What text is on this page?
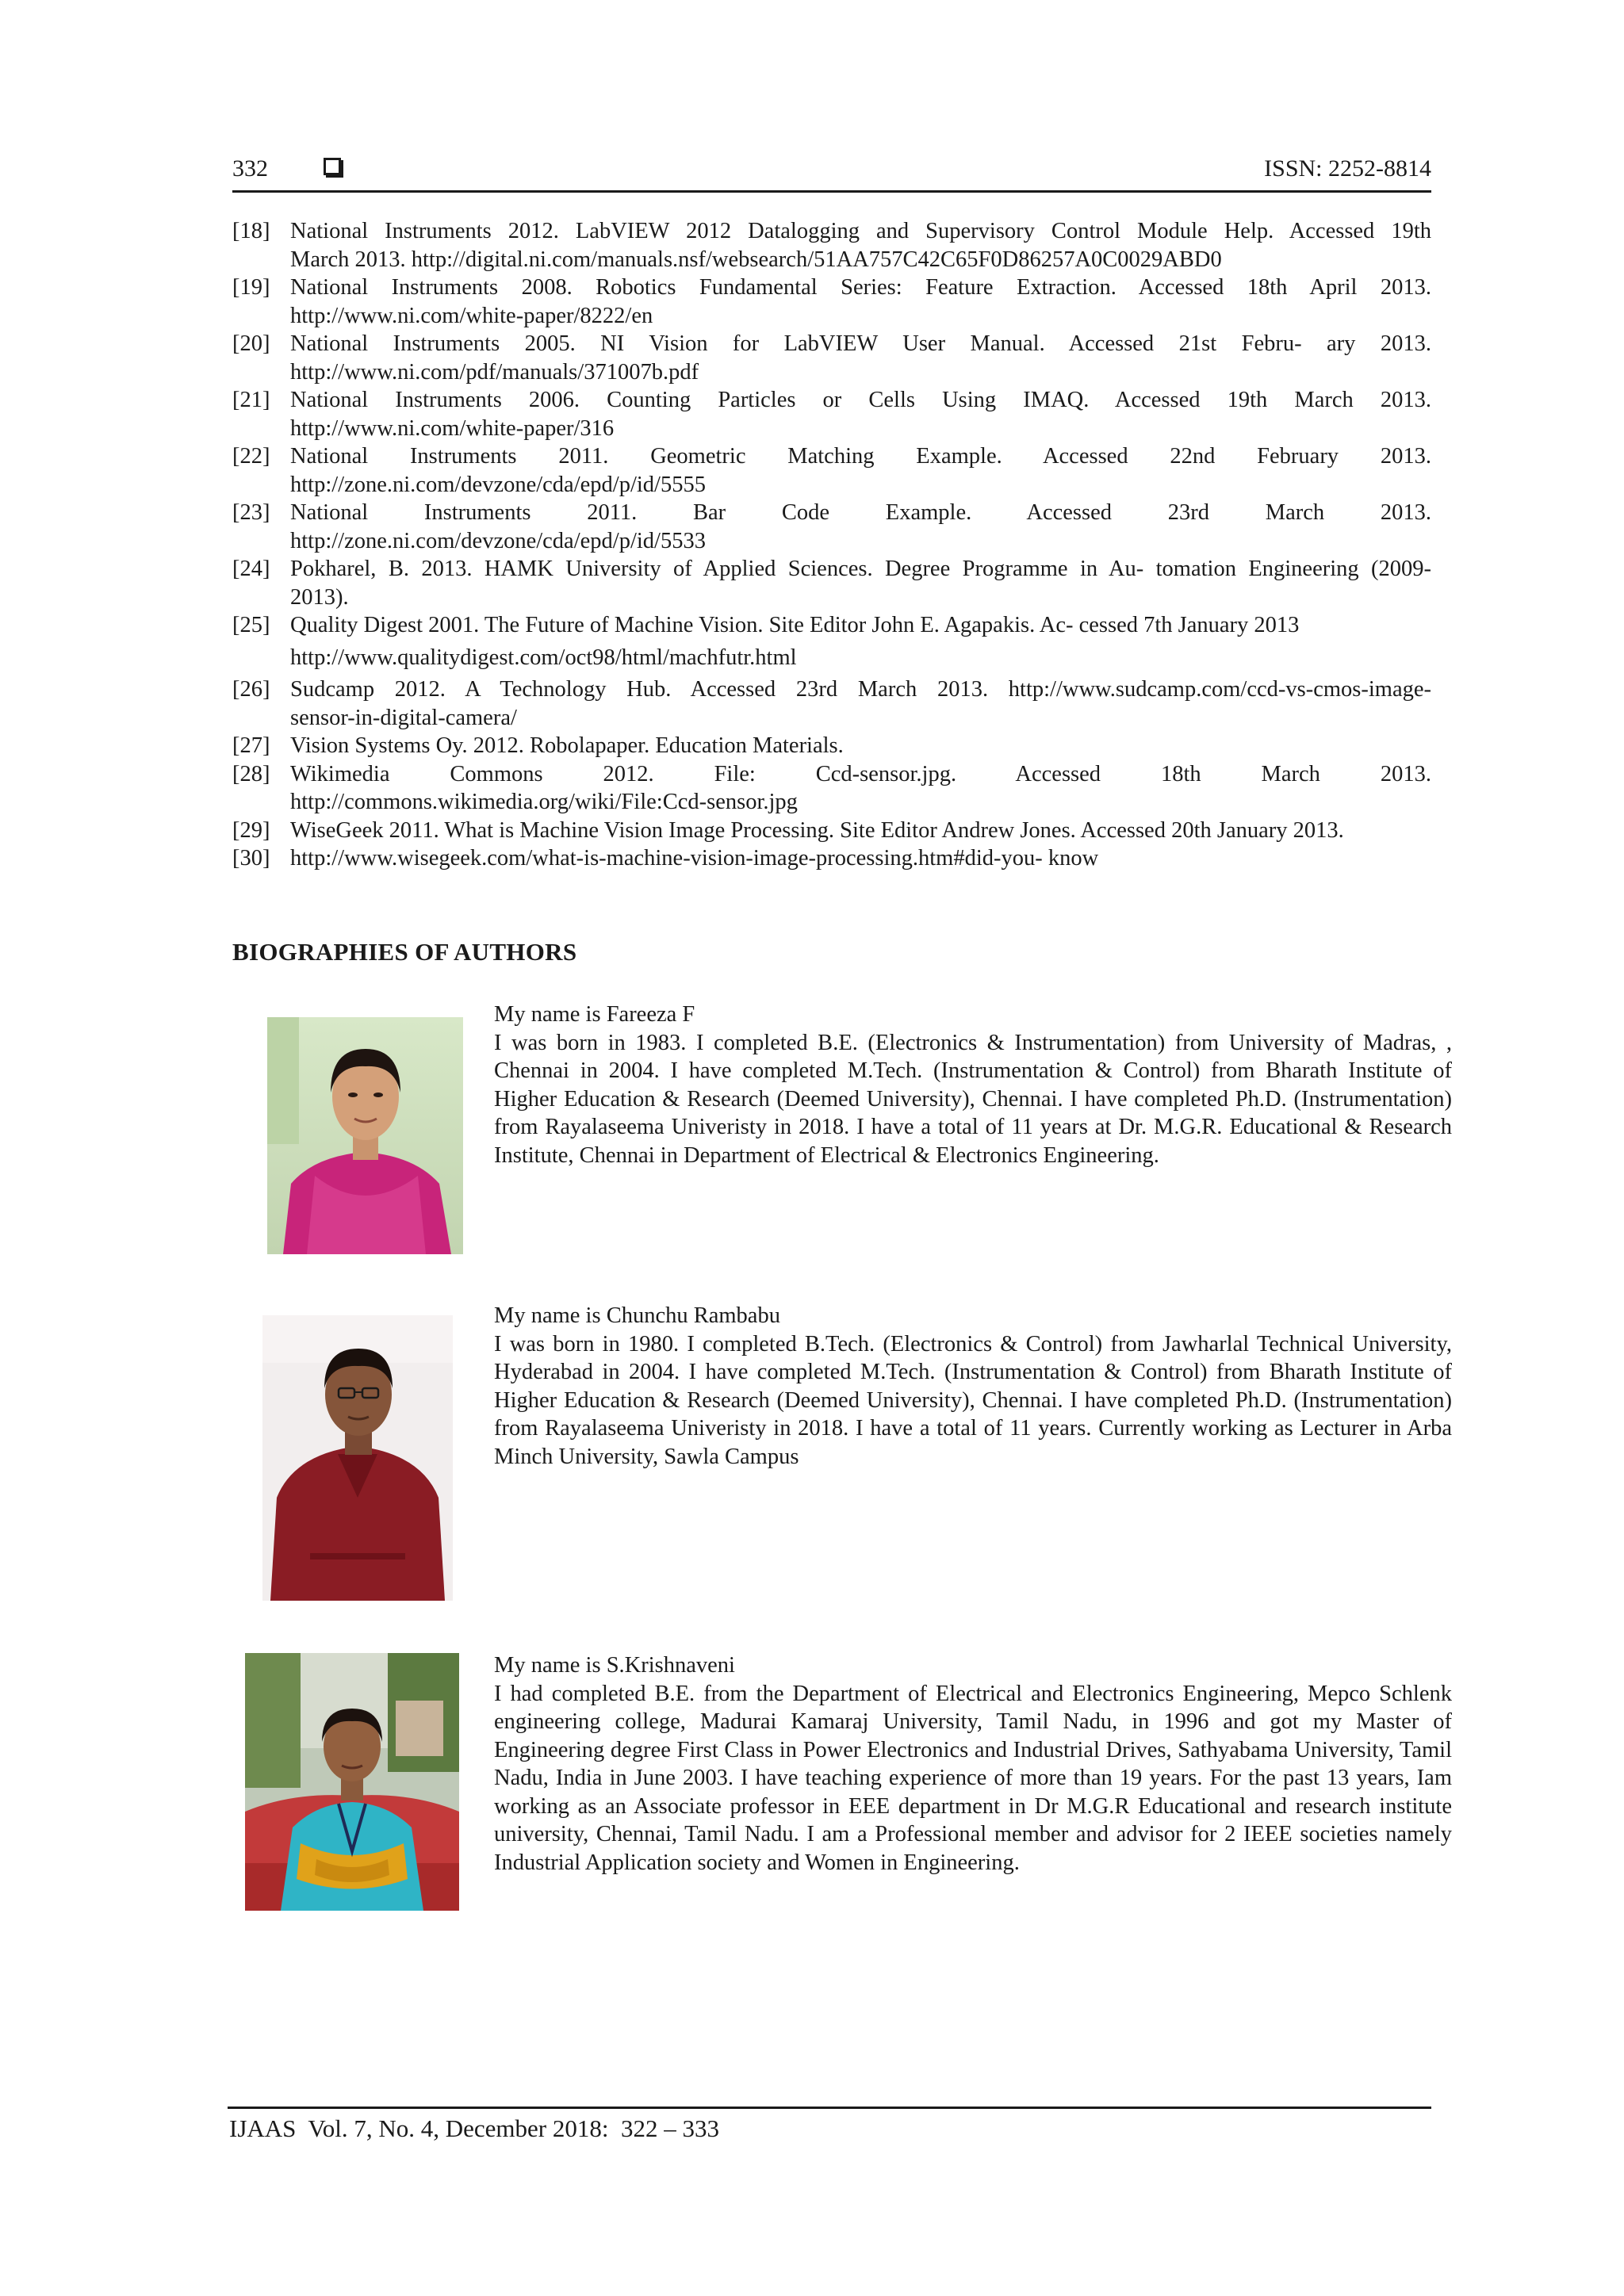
332	ISSN: 2252-8814
[18] National Instruments 2012. LabVIEW 2012 Datalogging and Supervisory Control Module Help. Accessed 19th
March 2013. http://digital.ni.com/manuals.nsf/websearch/51AA757C42C65F0D86257A0C0029ABD0
[19] National Instruments 2008. Robotics Fundamental Series: Feature Extraction. Accessed 18th April 2013.
http://www.ni.com/white-paper/8222/en
[20] National Instruments 2005. NI Vision for LabVIEW User Manual. Accessed 21st Febru- ary 2013.
http://www.ni.com/pdf/manuals/371007b.pdf
[21] National Instruments 2006. Counting Particles or Cells Using IMAQ. Accessed 19th March 2013.
http://www.ni.com/white-paper/316
[22] National Instruments 2011. Geometric Matching Example. Accessed 22nd February 2013.
http://zone.ni.com/devzone/cda/epd/p/id/5555
[23] National Instruments 2011. Bar Code Example. Accessed 23rd March 2013.
http://zone.ni.com/devzone/cda/epd/p/id/5533
[24] Pokharel, B. 2013. HAMK University of Applied Sciences. Degree Programme in Au- tomation Engineering (2009-
2013).
[25] Quality Digest 2001. The Future of Machine Vision. Site Editor John E. Agapakis. Ac- cessed 7th January 2013
http://www.qualitydigest.com/oct98/html/machfutr.html
[26] Sudcamp 2012. A Technology Hub. Accessed 23rd March 2013. http://www.sudcamp.com/ccd-vs-cmos-image-
sensor-in-digital-camera/
[27] Vision Systems Oy. 2012. Robolapaper. Education Materials.
[28] Wikimedia Commons 2012. File: Ccd-sensor.jpg. Accessed 18th March 2013.
http://commons.wikimedia.org/wiki/File:Ccd-sensor.jpg
[29] WiseGeek 2011. What is Machine Vision Image Processing. Site Editor Andrew Jones. Accessed 20th January 2013.
[30] http://www.wisegeek.com/what-is-machine-vision-image-processing.htm#did-you- know
BIOGRAPHIES OF AUTHORS
My name is Fareeza F
I was born in 1983. I completed B.E. (Electronics & Instrumentation) from University of Madras, , Chennai in 2004. I have completed M.Tech. (Instrumentation & Control) from Bharath Institute of Higher Education & Research (Deemed University), Chennai. I have completed Ph.D. (Instrumentation) from Rayalaseema Univeristy in 2018. I have a total of 11 years at Dr. M.G.R. Educational & Research Institute, Chennai in Department of Electrical & Electronics Engineering.
My name is Chunchu Rambabu
I was born in 1980. I completed B.Tech. (Electronics & Control) from Jawharlal Technical University, Hyderabad in 2004. I have completed M.Tech. (Instrumentation & Control) from Bharath Institute of Higher Education & Research (Deemed University), Chennai. I have completed Ph.D. (Instrumentation) from Rayalaseema Univeristy in 2018. I have a total of 11 years. Currently working as Lecturer in Arba Minch University, Sawla Campus
My name is S.Krishnaveni
I had completed B.E. from the Department of Electrical and Electronics Engineering, Mepco Schlenk engineering college, Madurai Kamaraj University, Tamil Nadu, in 1996 and got my Master of Engineering degree First Class in Power Electronics and Industrial Drives, Sathyabama University, Tamil Nadu, India in June 2003. I have teaching experience of more than 19 years. For the past 13 years, Iam working as an Associate professor in EEE department in Dr M.G.R Educational and research institute university, Chennai, Tamil Nadu. I am a Professional member and advisor for 2 IEEE societies namely Industrial Application society and Women in Engineering.
IJAAS  Vol. 7, No. 4, December 2018:  322 – 333
